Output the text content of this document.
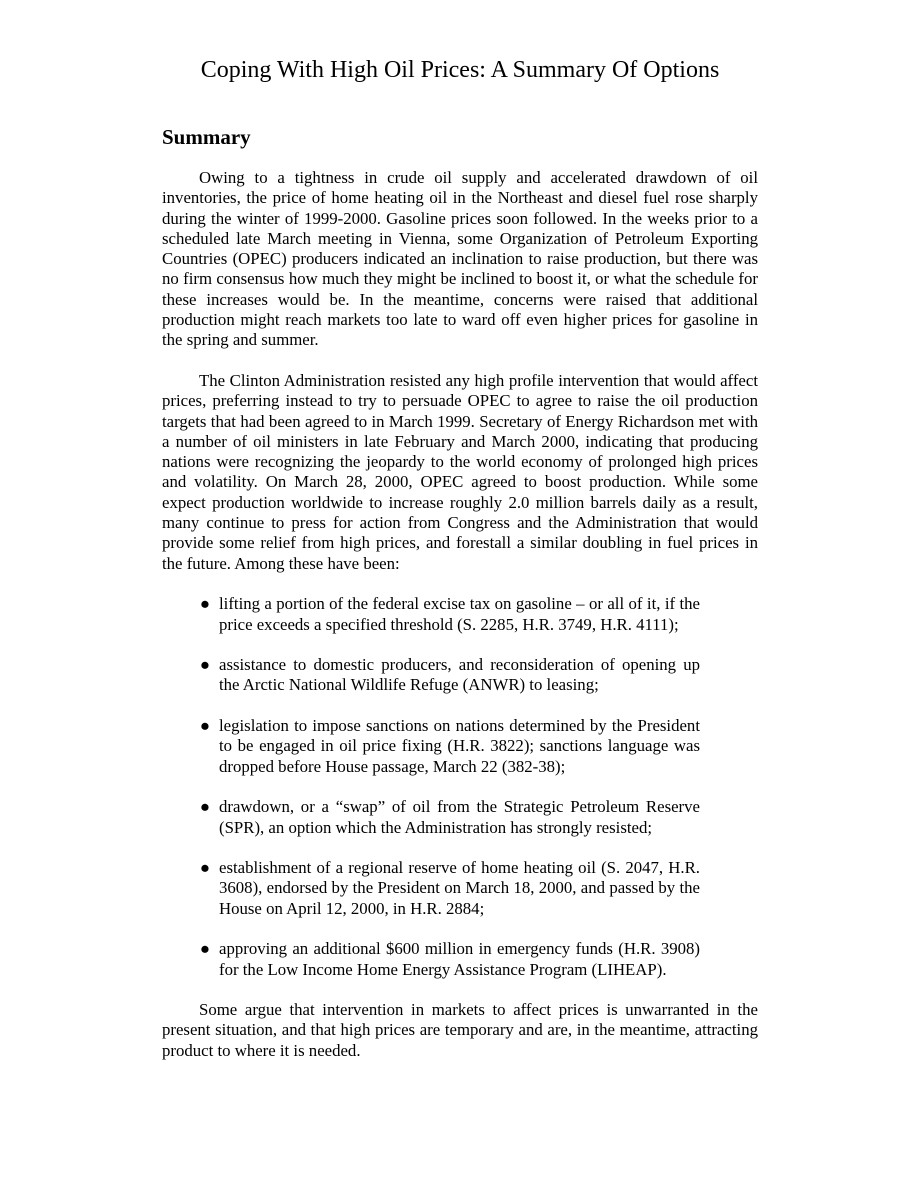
Coping With High Oil Prices: A Summary Of Options
Summary

Owing to a tightness in crude oil supply and accelerated drawdown of oil inventories, the price of home heating oil in the Northeast and diesel fuel rose sharply during the winter of 1999-2000. Gasoline prices soon followed. In the weeks prior to a scheduled late March meeting in Vienna, some Organization of Petroleum Exporting Countries (OPEC) producers indicated an inclination to raise production, but there was no firm consensus how much they might be inclined to boost it, or what the schedule for these increases would be. In the meantime, concerns were raised that additional production might reach markets too late to ward off even higher prices for gasoline in the spring and summer.

The Clinton Administration resisted any high profile intervention that would affect prices, preferring instead to try to persuade OPEC to agree to raise the oil production targets that had been agreed to in March 1999. Secretary of Energy Richardson met with a number of oil ministers in late February and March 2000, indicating that producing nations were recognizing the jeopardy to the world economy of prolonged high prices and volatility. On March 28, 2000, OPEC agreed to boost production. While some expect production worldwide to increase roughly 2.0 million barrels daily as a result, many continue to press for action from Congress and the Administration that would provide some relief from high prices, and forestall a similar doubling in fuel prices in the future. Among these have been:

● lifting a portion of the federal excise tax on gasoline – or all of it, if the price exceeds a specified threshold (S. 2285, H.R. 3749, H.R. 4111);
● assistance to domestic producers, and reconsideration of opening up the Arctic National Wildlife Refuge (ANWR) to leasing;
● legislation to impose sanctions on nations determined by the President to be engaged in oil price fixing (H.R. 3822); sanctions language was dropped before House passage, March 22 (382-38);
● drawdown, or a “swap” of oil from the Strategic Petroleum Reserve (SPR), an option which the Administration has strongly resisted;
● establishment of a regional reserve of home heating oil (S. 2047, H.R. 3608), endorsed by the President on March 18, 2000, and passed by the House on April 12, 2000, in H.R. 2884;
● approving an additional $600 million in emergency funds (H.R. 3908) for the Low Income Home Energy Assistance Program (LIHEAP).

Some argue that intervention in markets to affect prices is unwarranted in the present situation, and that high prices are temporary and are, in the meantime, attracting product to where it is needed.
